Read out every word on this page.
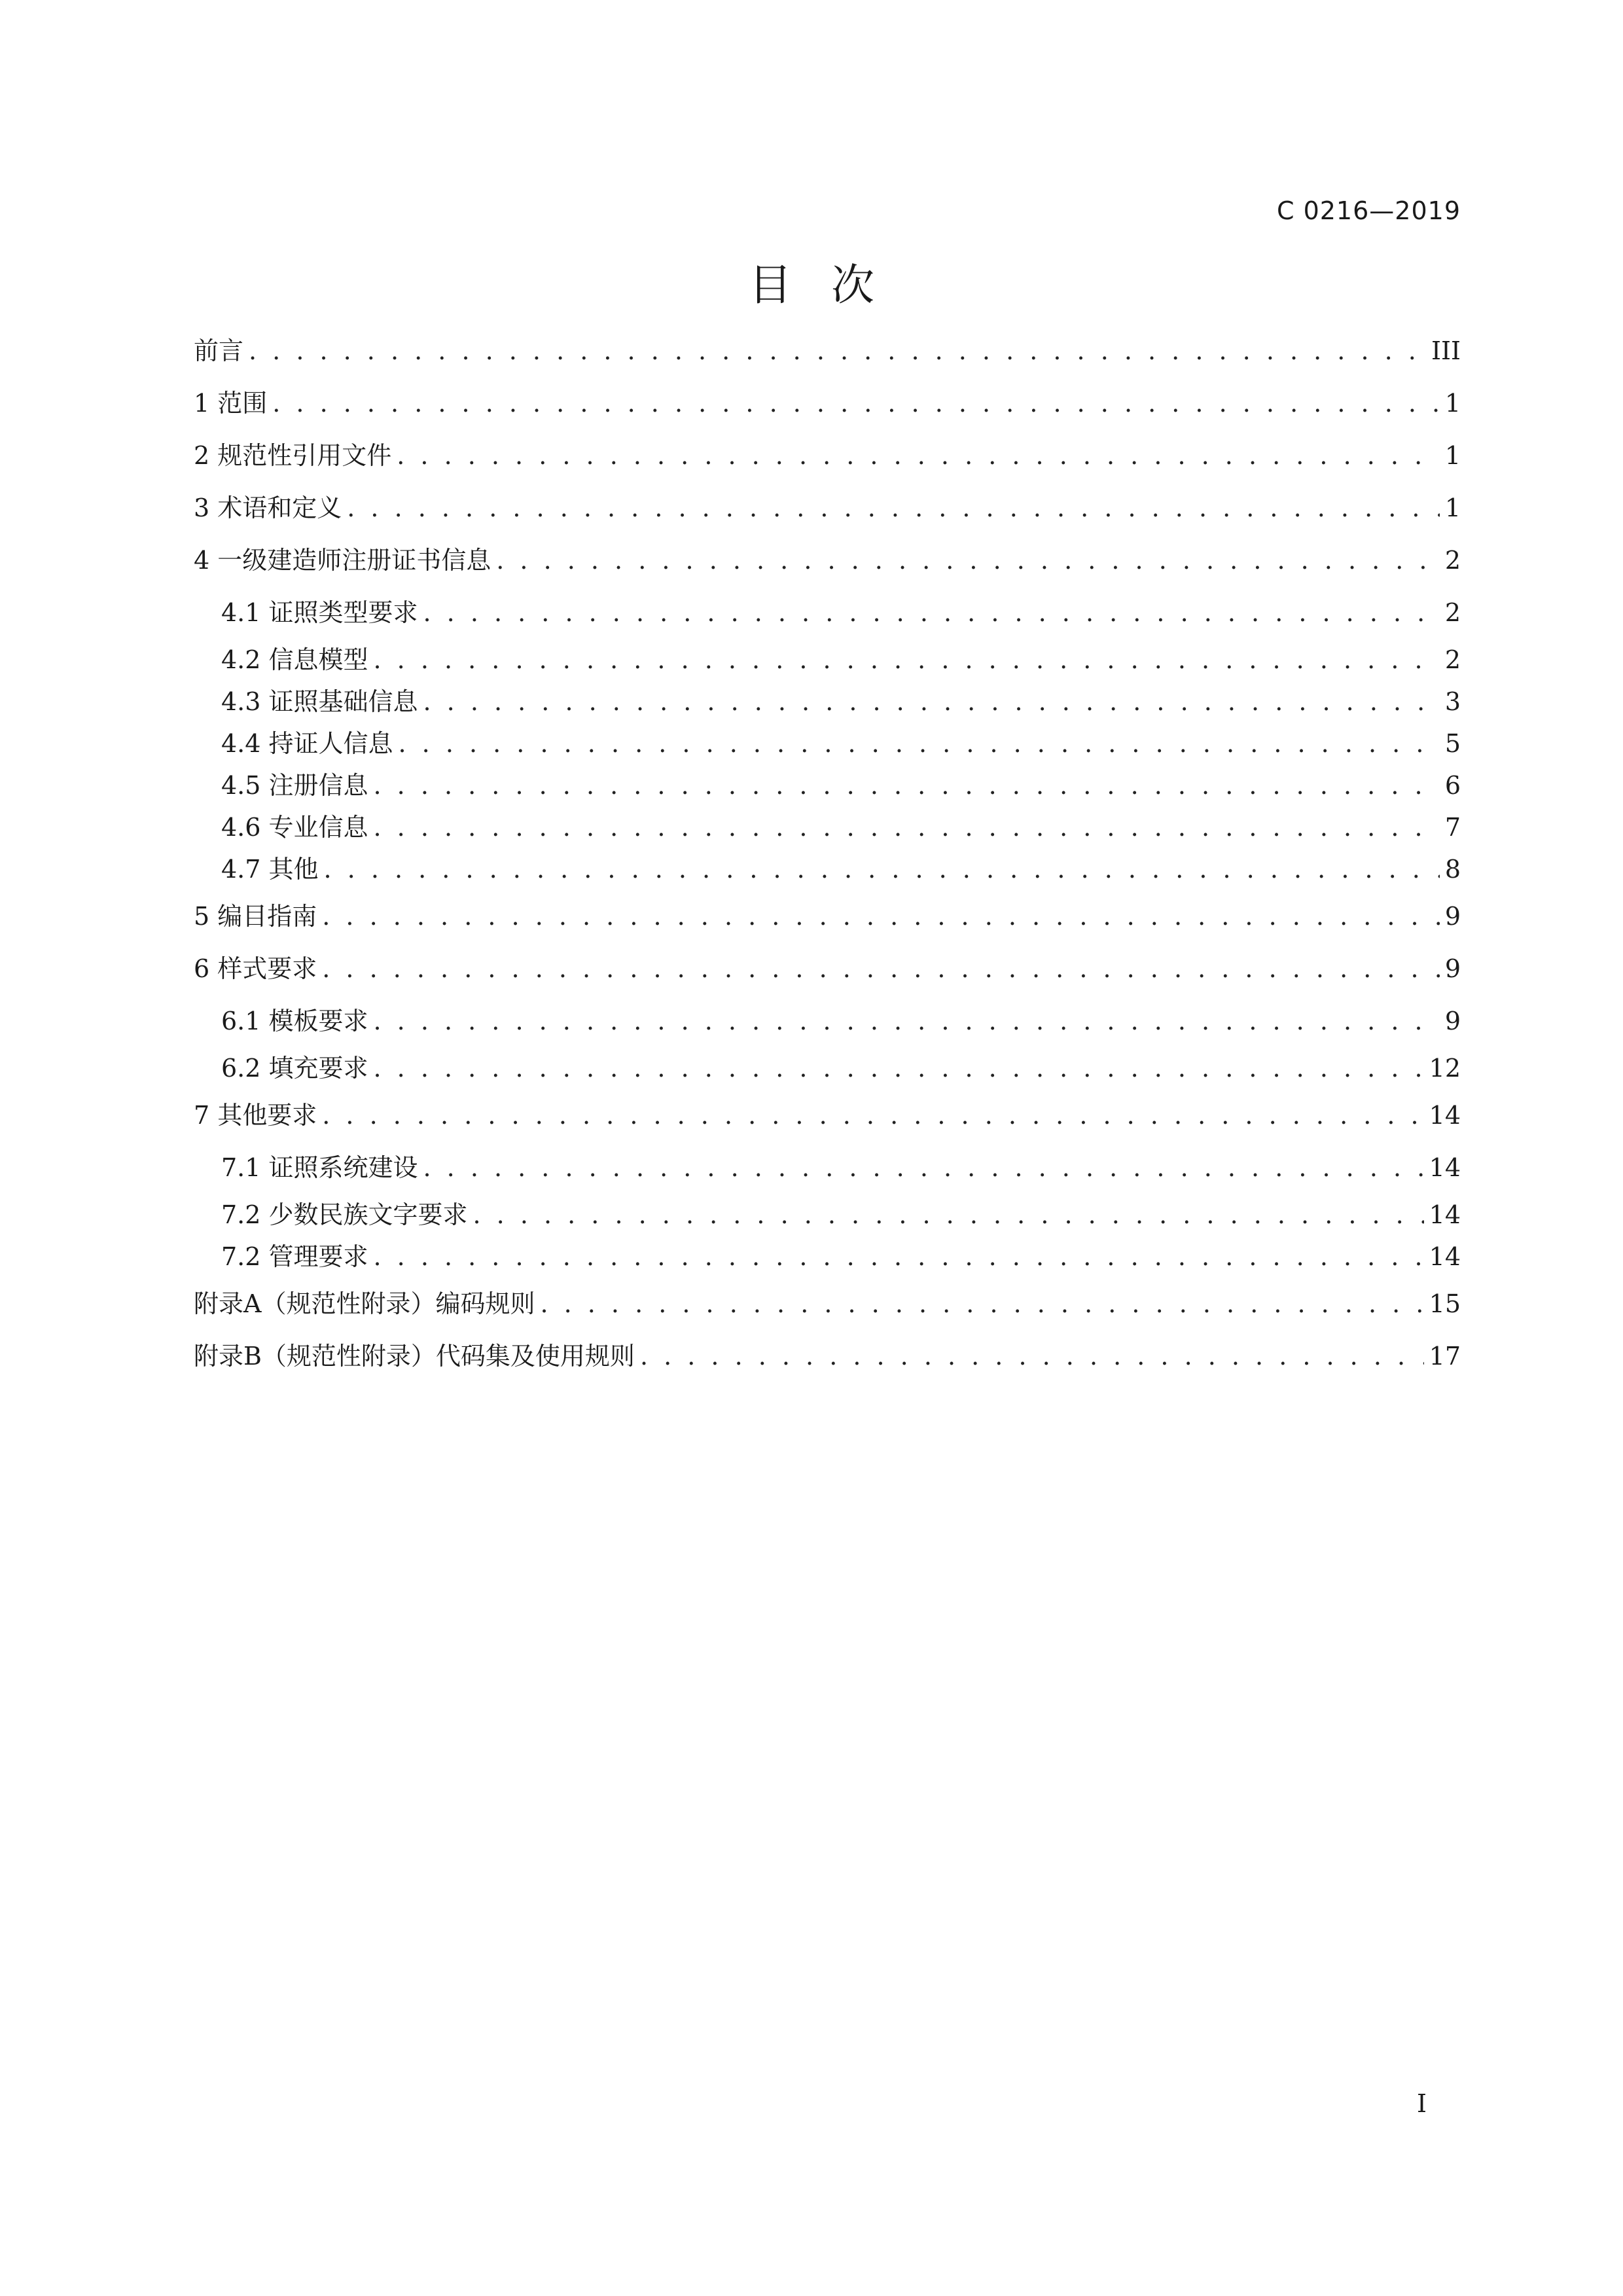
C 0216—2019
目次
前言 . . .	III
1 范围 . . .	1
2 规范性引用文件 . . .	1
3 术语和定义 . . .	1
4 一级建造师注册证书信息 . . .	2
4.1 证照类型要求 . . .	2
4.2 信息模型 . . .	2
4.3 证照基础信息 . . .	3
4.4 持证人信息 . . .	5
4.5 注册信息 . . .	6
4.6 专业信息 . . .	7
4.7 其他 . . .	8
5 编目指南 . . .	9
6 样式要求 . . .	9
6.1 模板要求 . . .	9
6.2 填充要求 . . .	12
7 其他要求 . . .	14
7.1 证照系统建设 . . .	14
7.2 少数民族文字要求 . . .	14
7.2 管理要求 . . .	14
附录A（规范性附录）编码规则 . . .	15
附录B（规范性附录）代码集及使用规则 . . .	17
I
